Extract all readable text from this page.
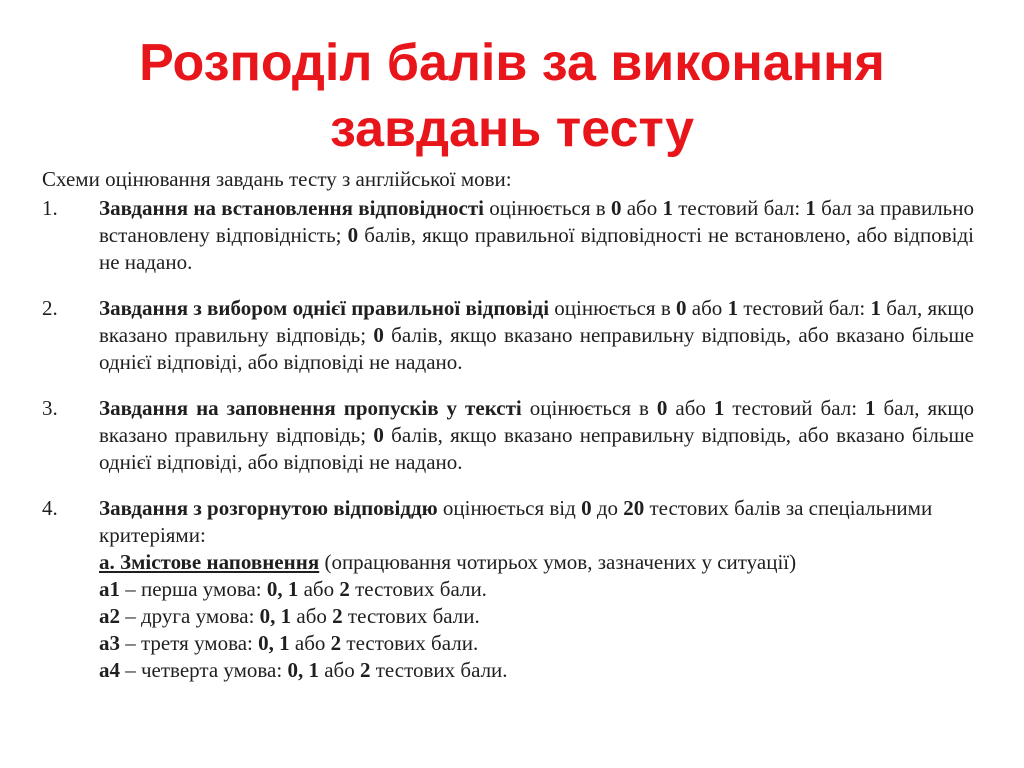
Розподіл балів за виконання
завдань тесту

Схеми оцінювання завдань тесту з англійської мови:

1.	Завдання на встановлення відповідності оцінюється в 0 або 1 тестовий бал: 1 бал за правильно встановлену відповідність; 0 балів, якщо правильної відповідності не встановлено, або відповіді не надано.
2.	Завдання з вибором однієї правильної відповіді оцінюється в 0 або 1 тестовий бал: 1 бал, якщо вказано правильну відповідь; 0 балів, якщо вказано неправильну відповідь, або вказано більше однієї відповіді, або відповіді не надано.
3.	Завдання на заповнення пропусків у тексті оцінюється в 0 або 1 тестовий бал: 1 бал, якщо вказано правильну відповідь; 0 балів, якщо вказано неправильну відповідь, або вказано більше однієї відповіді, або відповіді не надано.
4.	Завдання з розгорнутою відповіддю оцінюється від 0 до 20 тестових балів за спеціальними критеріями:

а. Змістове наповнення (опрацювання чотирьох умов, зазначених у ситуації)

а1 – перша умова: 0, 1 або 2 тестових бали.

а2 – друга умова: 0, 1 або 2 тестових бали.

а3 – третя умова: 0, 1 або 2 тестових бали.

а4 – четверта умова: 0, 1 або 2 тестових бали.
